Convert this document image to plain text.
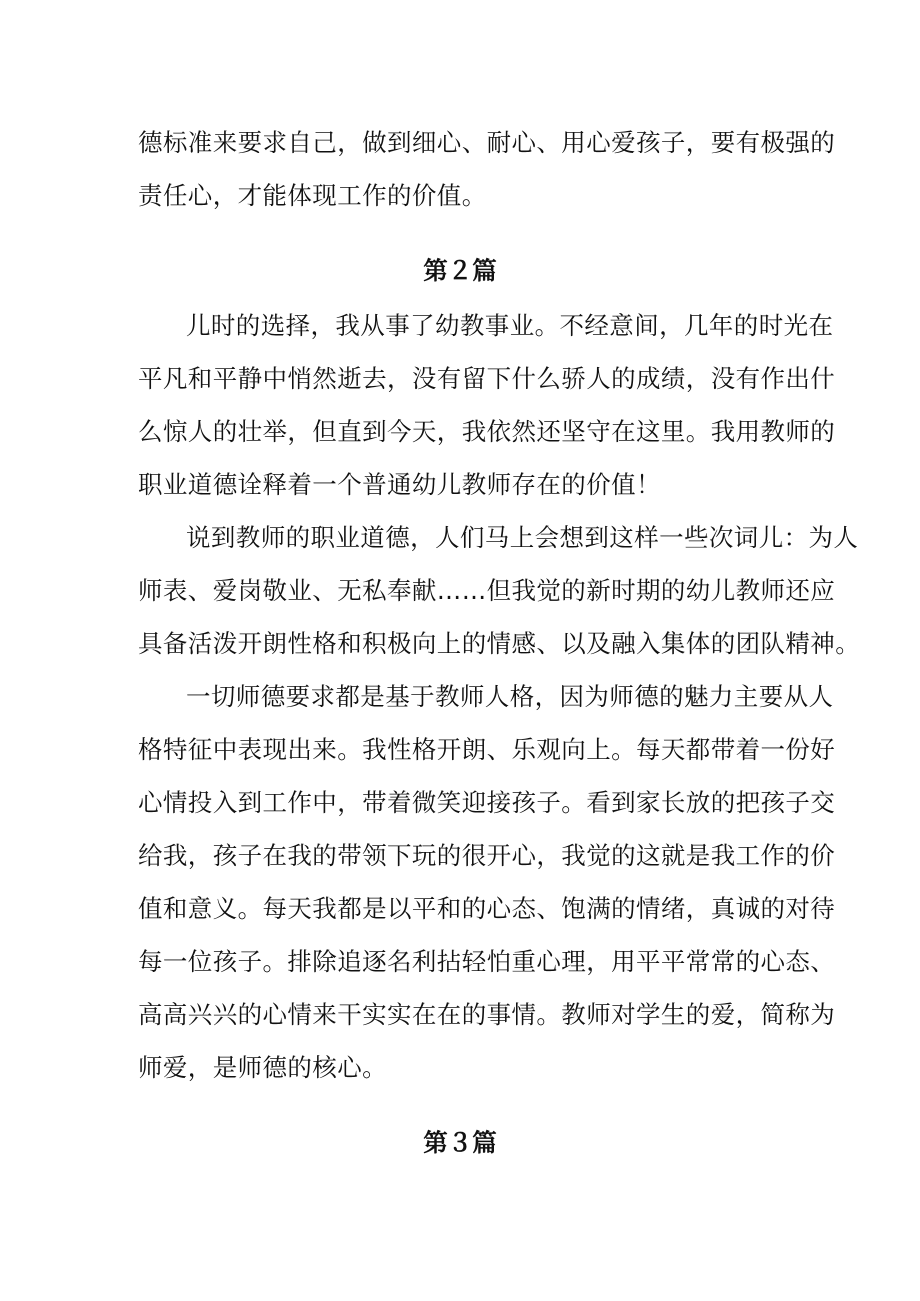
德标准来要求自己，做到细心、耐心、用心爱孩子，要有极强的
责任心，才能体现工作的价值。
第２篇
儿时的选择，我从事了幼教事业。不经意间，几年的时光在
平凡和平静中悄然逝去，没有留下什么骄人的成绩，没有作出什
么惊人的壮举，但直到今天，我依然还坚守在这里。我用教师的
职业道德诠释着一个普通幼儿教师存在的价值！
说到教师的职业道德，人们马上会想到这样一些次词儿：为人
师表、爱岗敬业、无私奉献……但我觉的新时期的幼儿教师还应
具备活泼开朗性格和积极向上的情感、以及融入集体的团队精神。
一切师德要求都是基于教师人格，因为师德的魅力主要从人
格特征中表现出来。我性格开朗、乐观向上。每天都带着一份好
心情投入到工作中，带着微笑迎接孩子。看到家长放的把孩子交
给我，孩子在我的带领下玩的很开心，我觉的这就是我工作的价
值和意义。每天我都是以平和的心态、饱满的情绪，真诚的对待
每一位孩子。排除追逐名利拈轻怕重心理，用平平常常的心态、
高高兴兴的心情来干实实在在的事情。教师对学生的爱，简称为
师爱，是师德的核心。
第３篇
